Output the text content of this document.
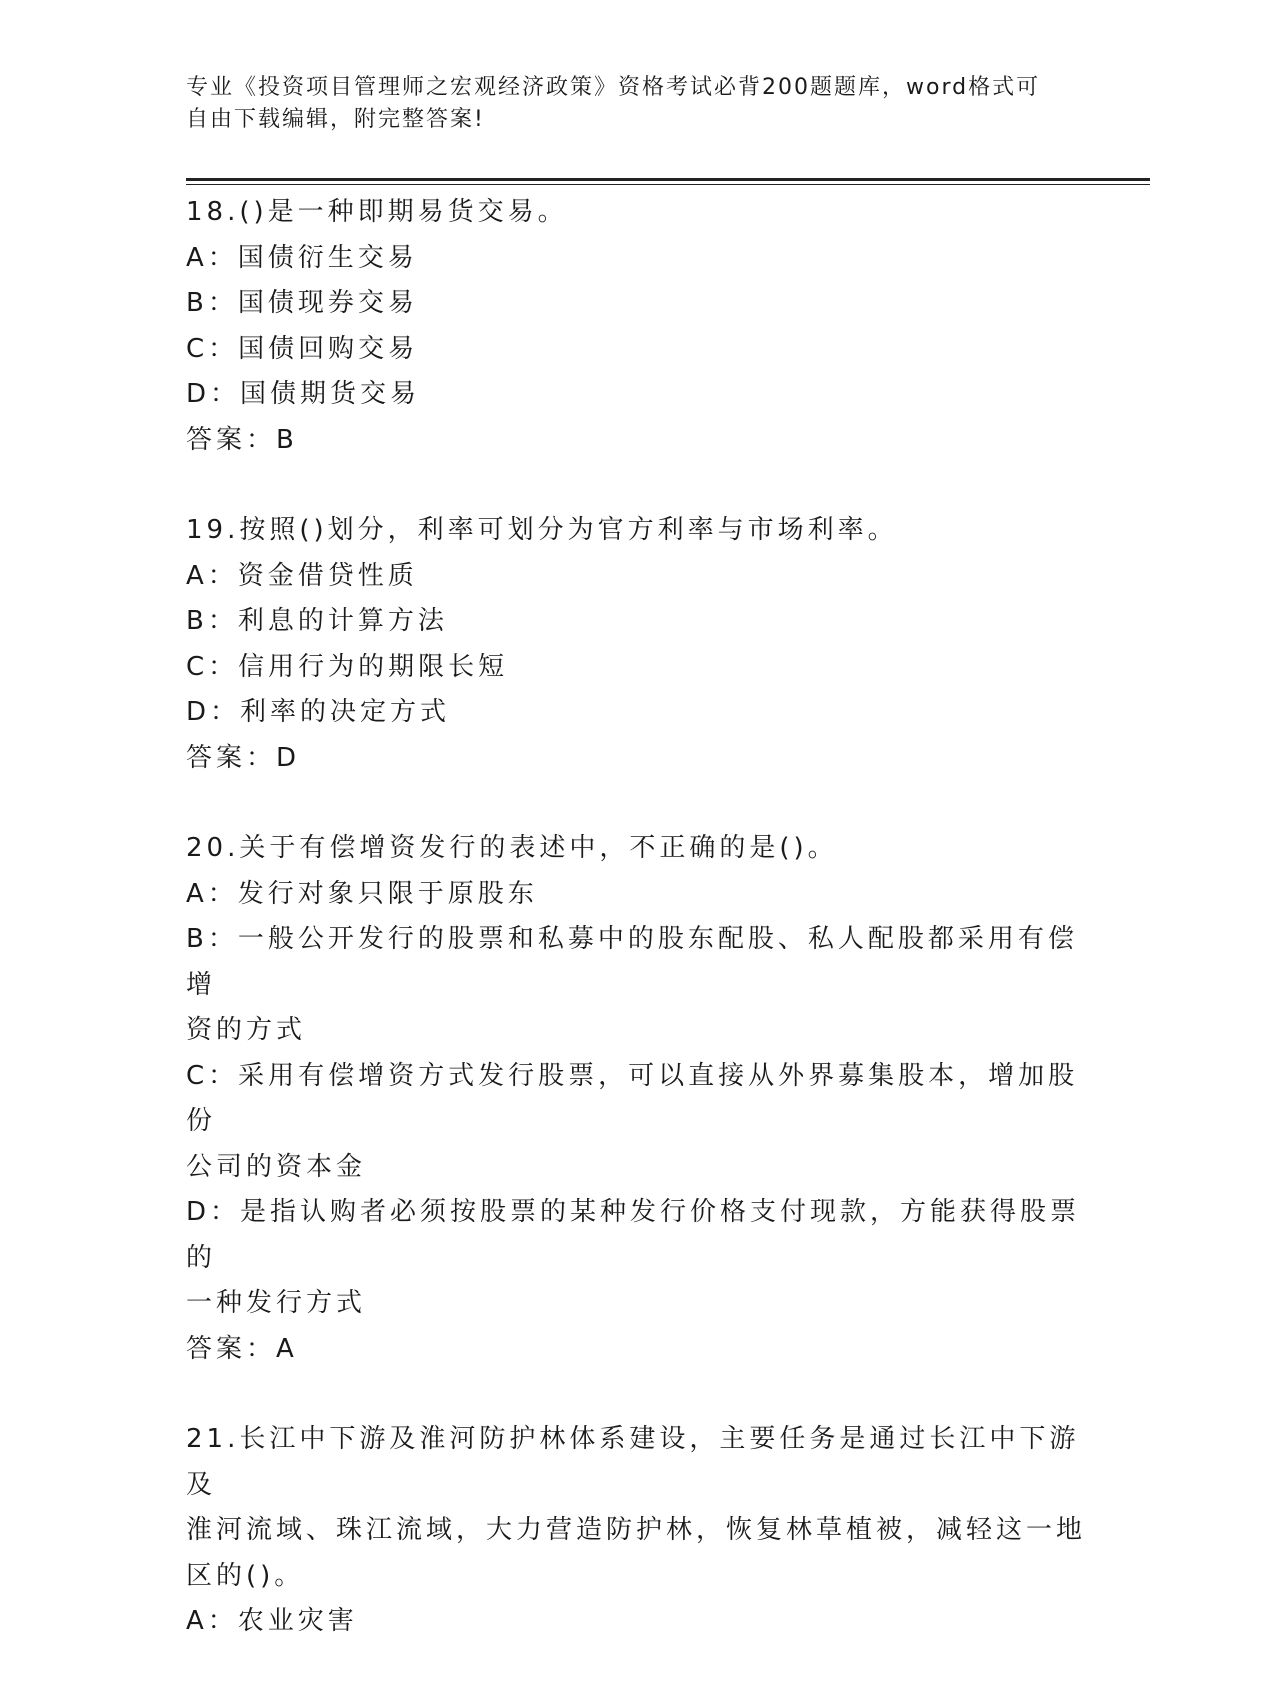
专业《投资项目管理师之宏观经济政策》资格考试必背200题题库，word格式可
自由下载编辑，附完整答案!
18.()是一种即期易货交易。
A：国债衍生交易
B：国债现券交易
C：国债回购交易
D：国债期货交易
答案：B
19.按照()划分，利率可划分为官方利率与市场利率。
A：资金借贷性质
B：利息的计算方法
C：信用行为的期限长短
D：利率的决定方式
答案：D
20.关于有偿增资发行的表述中，不正确的是()。
A：发行对象只限于原股东
B：一般公开发行的股票和私募中的股东配股、私人配股都采用有偿增
资的方式
C：采用有偿增资方式发行股票，可以直接从外界募集股本，增加股份
公司的资本金
D：是指认购者必须按股票的某种发行价格支付现款，方能获得股票的
一种发行方式
答案：A
21.长江中下游及淮河防护林体系建设，主要任务是通过长江中下游及
淮河流域、珠江流域，大力营造防护林，恢复林草植被，减轻这一地
区的()。
A：农业灾害
